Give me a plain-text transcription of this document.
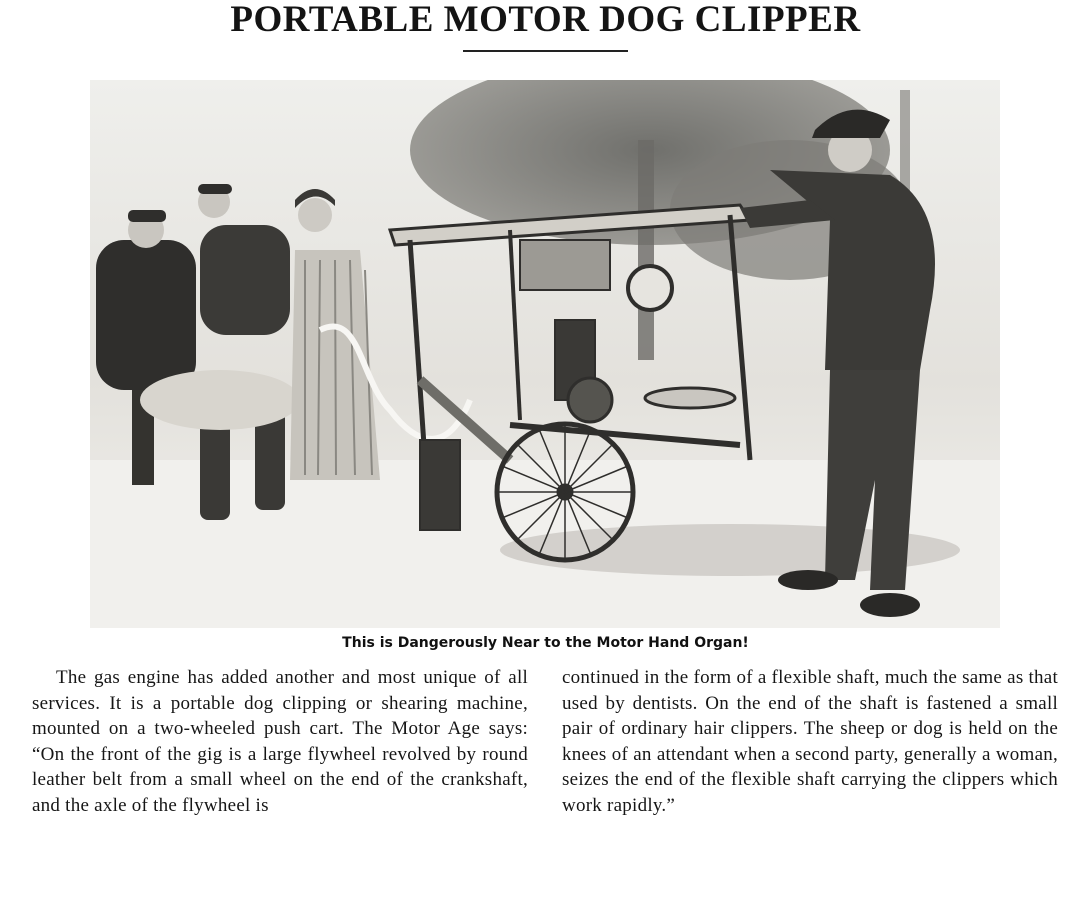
PORTABLE MOTOR DOG CLIPPER
This is Dangerously Near to the Motor Hand Organ!

The gas engine has added another and most unique of all services. It is a portable dog clipping or shearing machine, mounted on a two-wheeled push cart. The Motor Age says: “On the front of the gig is a large flywheel revolved by round leather belt from a small wheel on the end of the crankshaft, and the axle of the flywheel is

continued in the form of a flexible shaft, much the same as that used by dentists. On the end of the shaft is fastened a small pair of ordinary hair clippers. The sheep or dog is held on the knees of an attendant when a second party, generally a woman, seizes the end of the flexible shaft carrying the clippers which work rapidly.”
